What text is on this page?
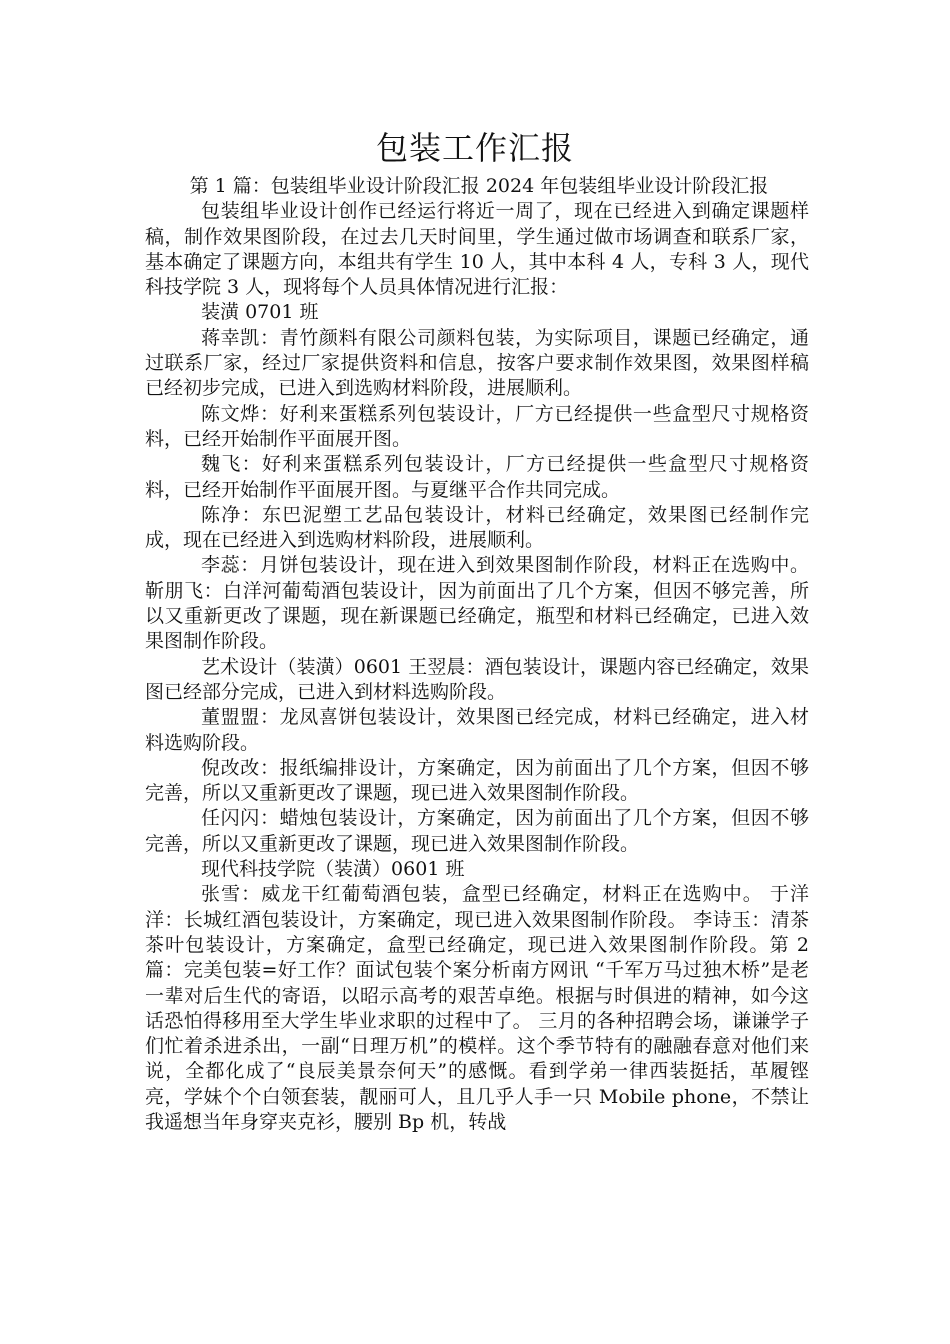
包装工作汇报

第 1 篇：包装组毕业设计阶段汇报 2024 年包装组毕业设计阶段汇报

包装组毕业设计创作已经运行将近一周了，现在已经进入到确定课题样稿，制作效果图阶段，在过去几天时间里，学生通过做市场调查和联系厂家，基本确定了课题方向，本组共有学生 10 人，其中本科 4 人，专科 3 人，现代科技学院 3 人，现将每个人员具体情况进行汇报：

装潢 0701 班

蒋幸凯：青竹颜料有限公司颜料包装，为实际项目，课题已经确定，通过联系厂家，经过厂家提供资料和信息，按客户要求制作效果图，效果图样稿已经初步完成，已进入到选购材料阶段，进展顺利。

陈文烨：好利来蛋糕系列包装设计，厂方已经提供一些盒型尺寸规格资料，已经开始制作平面展开图。

魏飞：好利来蛋糕系列包装设计，厂方已经提供一些盒型尺寸规格资料，已经开始制作平面展开图。与夏继平合作共同完成。

陈净：东巴泥塑工艺品包装设计，材料已经确定，效果图已经制作完成，现在已经进入到选购材料阶段，进展顺利。

李蕊：月饼包装设计，现在进入到效果图制作阶段，材料正在选购中。 靳朋飞：白洋河葡萄酒包装设计，因为前面出了几个方案，但因不够完善，所以又重新更改了课题，现在新课题已经确定，瓶型和材料已经确定，已进入效果图制作阶段。

艺术设计（装潢）0601 王翌晨：酒包装设计，课题内容已经确定，效果图已经部分完成，已进入到材料选购阶段。

董盟盟：龙凤喜饼包装设计，效果图已经完成，材料已经确定，进入材料选购阶段。

倪改改：报纸编排设计，方案确定，因为前面出了几个方案，但因不够完善，所以又重新更改了课题，现已进入效果图制作阶段。

任闪闪：蜡烛包装设计，方案确定，因为前面出了几个方案，但因不够完善，所以又重新更改了课题，现已进入效果图制作阶段。

现代科技学院（装潢）0601 班

张雪：威龙干红葡萄酒包装，盒型已经确定，材料正在选购中。 于洋洋：长城红酒包装设计，方案确定，现已进入效果图制作阶段。 李诗玉：清茶茶叶包装设计，方案确定，盒型已经确定，现已进入效果图制作阶段。第 2 篇：完美包装=好工作？面试包装个案分析南方网讯 “千军万马过独木桥”是老一辈对后生代的寄语，以昭示高考的艰苦卓绝。根据与时俱进的精神，如今这话恐怕得移用至大学生毕业求职的过程中了。 三月的各种招聘会场，谦谦学子们忙着杀进杀出，一副“日理万机”的模样。这个季节特有的融融春意对他们来说，全都化成了“良辰美景奈何天”的感慨。看到学弟一律西装挺括，革履铿亮，学妹个个白领套装，靓丽可人，且几乎人手一只 Mobile phone，不禁让我遥想当年身穿夹克衫，腰别 Bp 机，转战
